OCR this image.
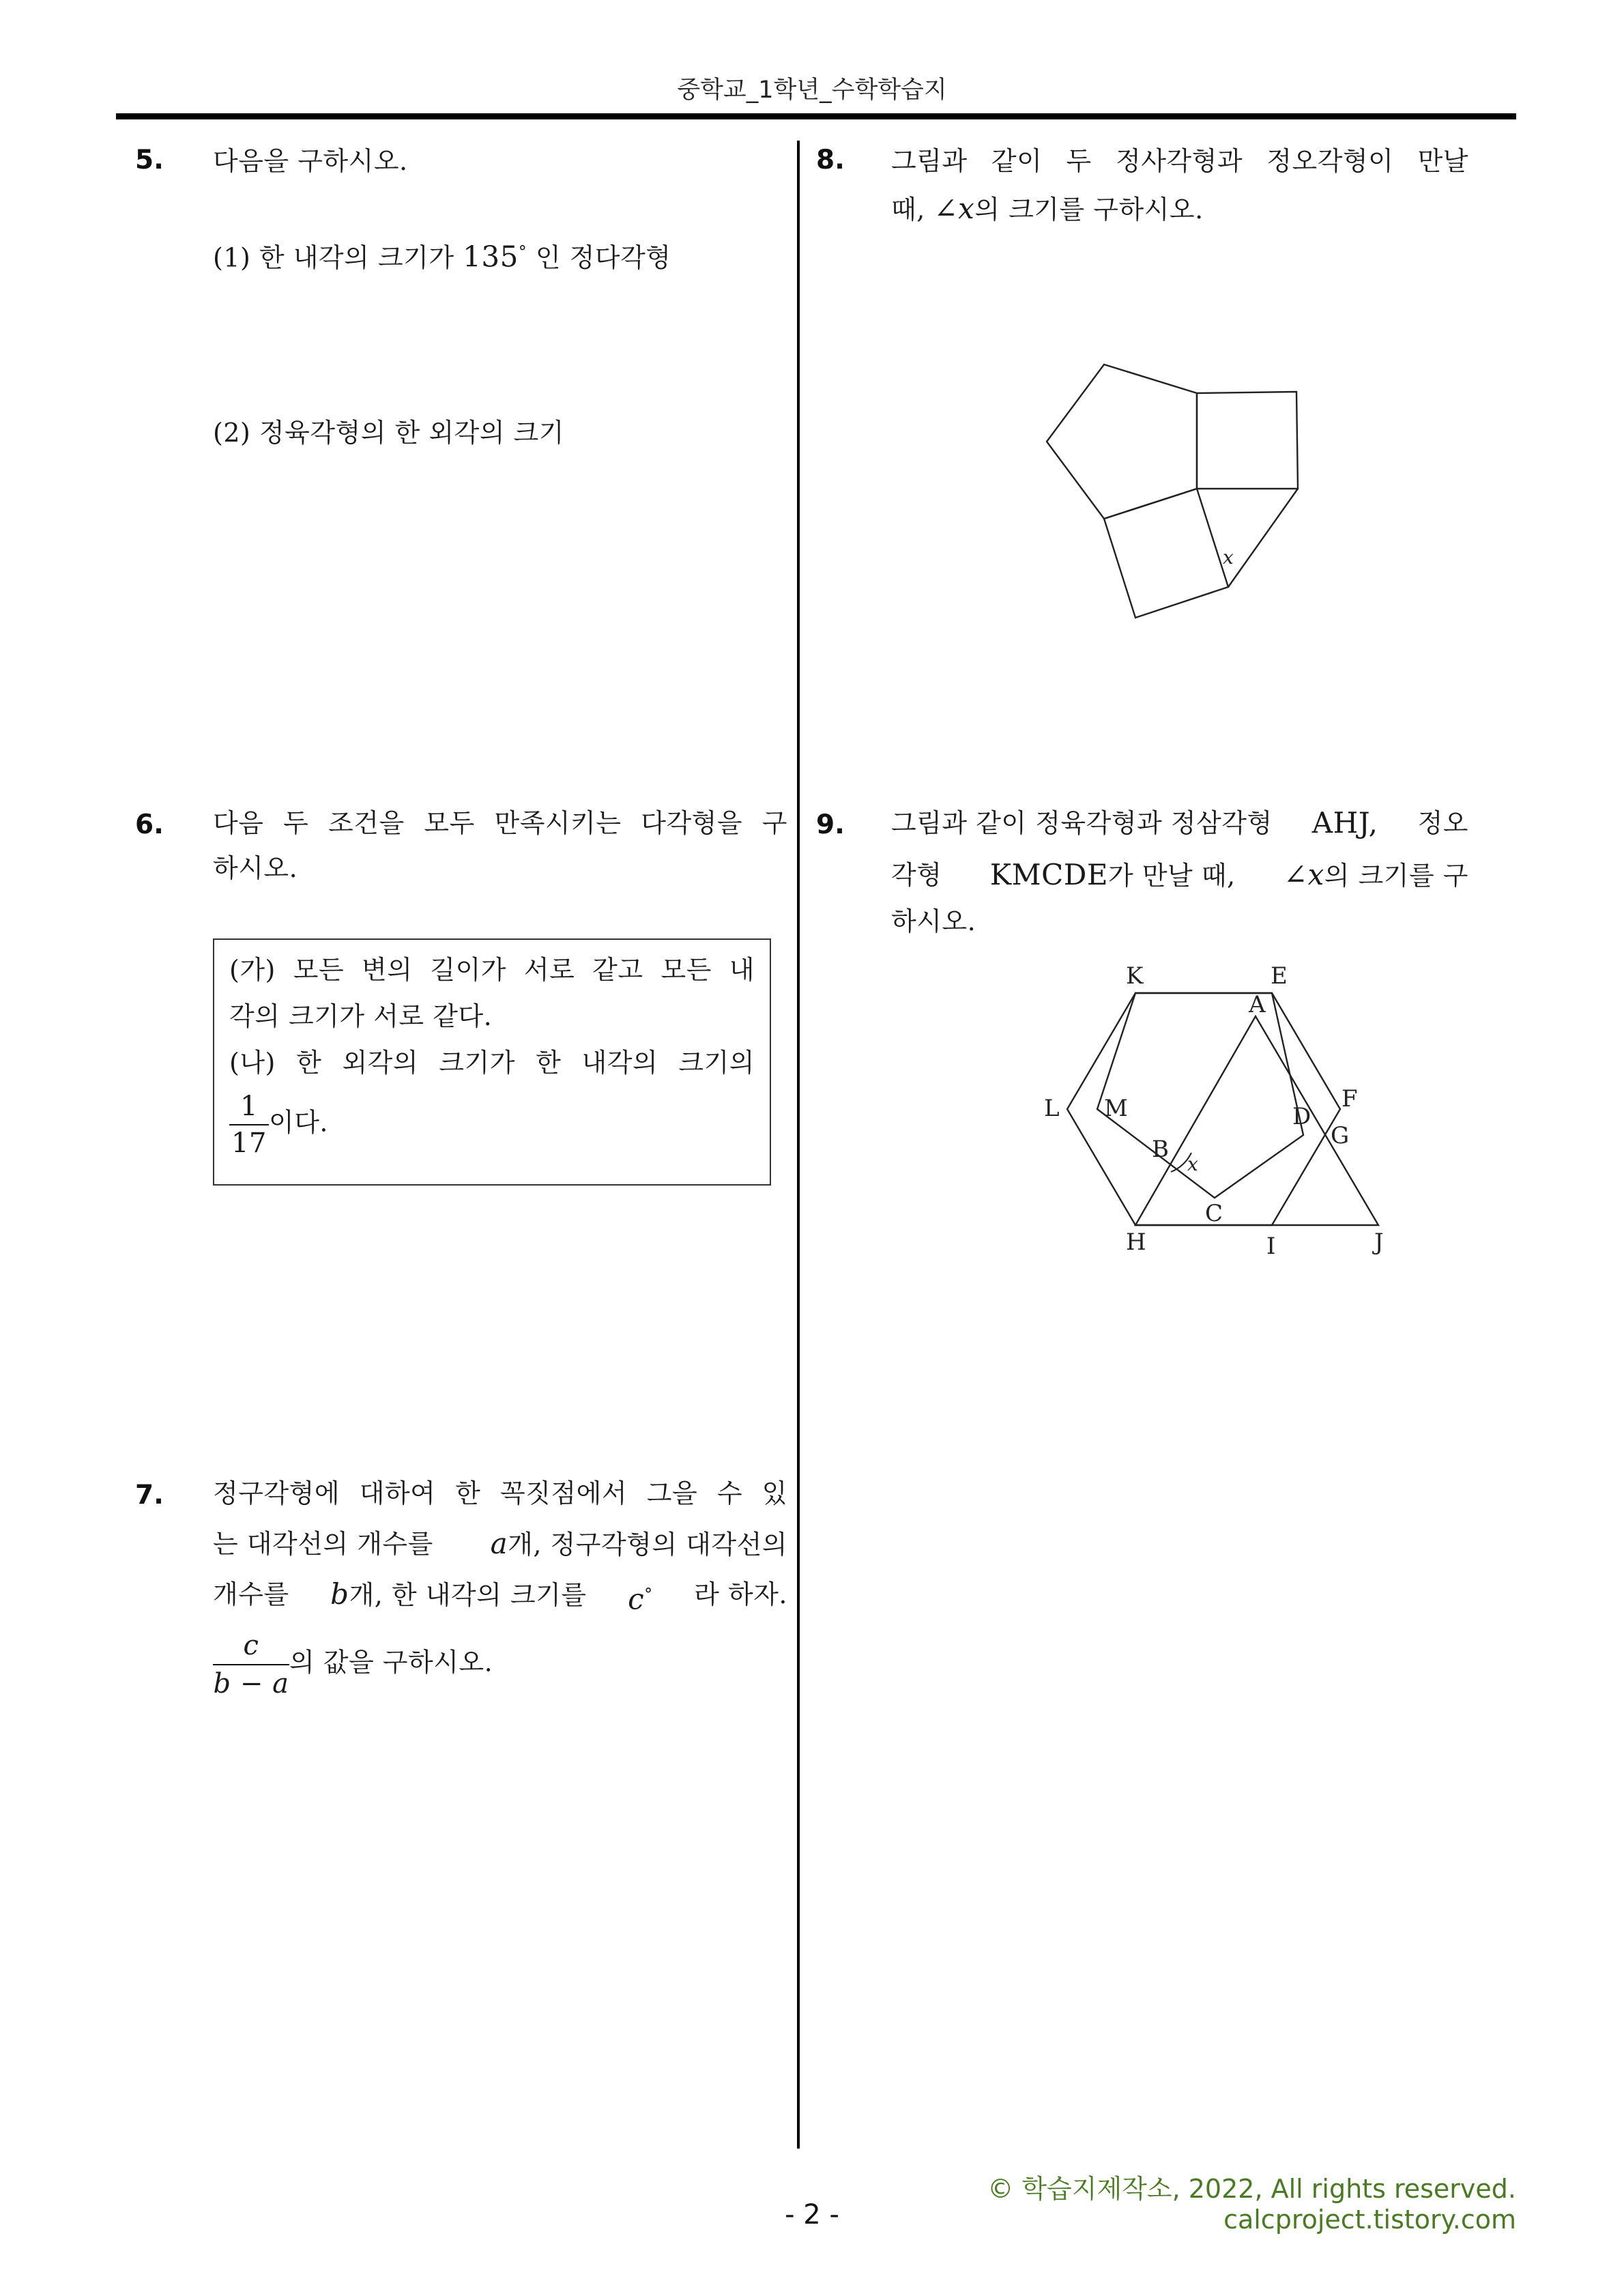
중학교_1학년_수학학습지
5. 다음을 구하시오.
(1) 한 내각의 크기가 135° 인 정다각형
(2) 정육각형의 한 외각의 크기
6. 다음 두 조건을 모두 만족시키는 다각형을 구
하시오.
(가) 모든 변의 길이가 서로 같고 모든 내
각의 크기가 서로 같다.
(나) 한 외각의 크기가 한 내각의 크기의
$\frac{1}{17}$ 이다.
7. 정구각형에 대하여 한 꼭짓점에서 그을 수 있
는 대각선의 개수를 a개, 정구각형의 대각선의
개수를 b개, 한 내각의 크기를 c° 라 하자.
$\frac{c}{b - a}$ 의 값을 구하시오.
8. 그림과 같이 두 정사각형과 정오각형이 만날
때, ∠x의 크기를 구하시오.
x
9. 그림과 같이 정육각형과 정삼각형 AHJ, 정오
각형 KMCDE가 만날 때, ∠x의 크기를 구
하시오.
K	E
A
L M	D
F
G
B
x
C
H	I	J
© 학습지제작소, 2022, All rights reserved.
calcproject.tistory.com
- 2 -
